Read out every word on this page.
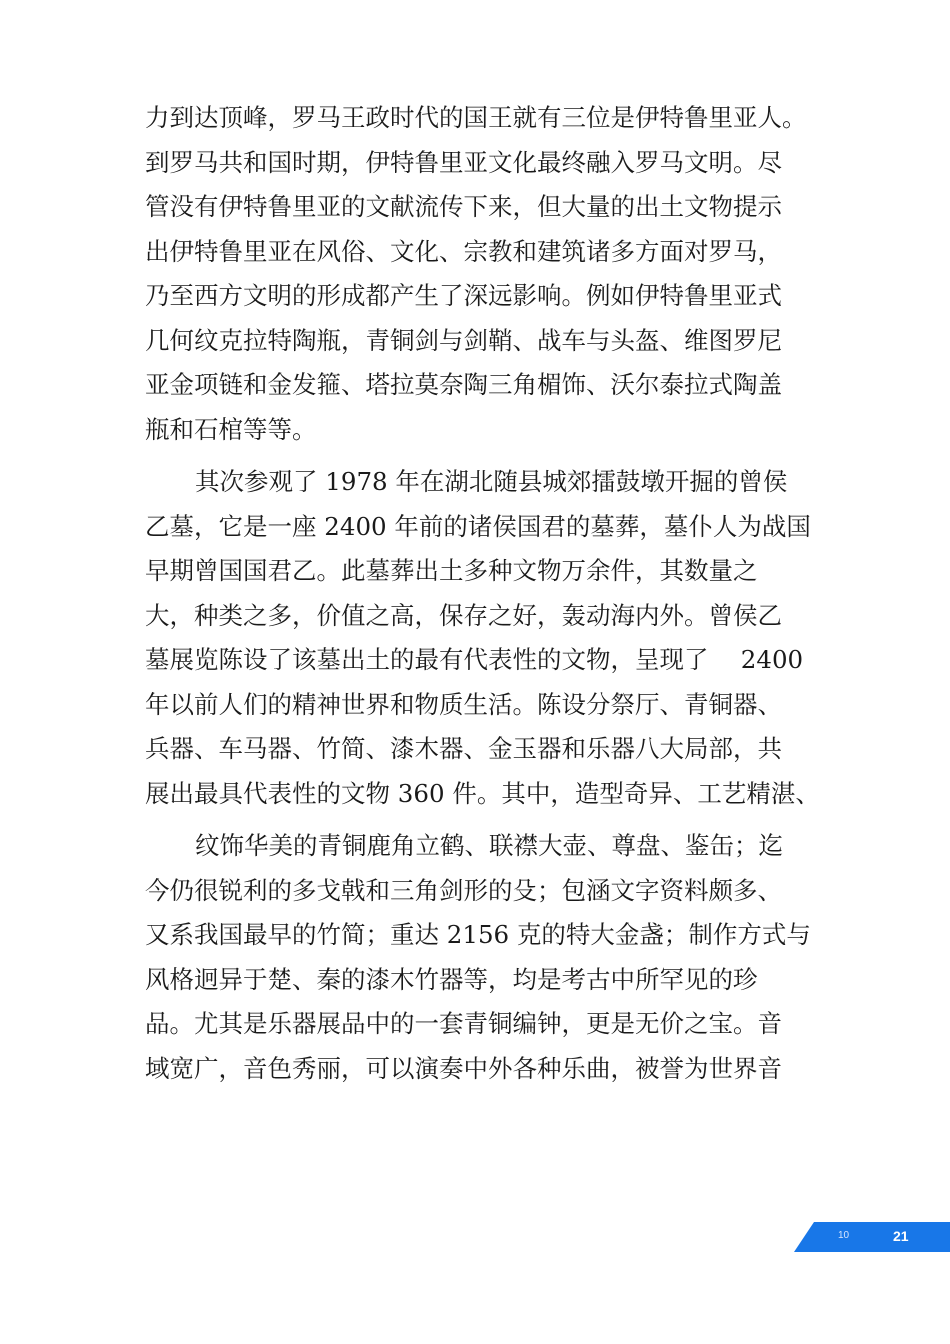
力到达顶峰，罗马王政时代的国王就有三位是伊特鲁里亚人。
到罗马共和国时期，伊特鲁里亚文化最终融入罗马文明。尽
管没有伊特鲁里亚的文献流传下来，但大量的出土文物提示
出伊特鲁里亚在风俗、文化、宗教和建筑诸多方面对罗马，
乃至西方文明的形成都产生了深远影响。例如伊特鲁里亚式
几何纹克拉特陶瓶，青铜剑与剑鞘、战车与头盔、维图罗尼
亚金项链和金发箍、塔拉莫奈陶三角楣饰、沃尔泰拉式陶盖
瓶和石棺等等。
其次参观了 1978 年在湖北随县城郊擂鼓墩开掘的曾侯
乙墓，它是一座 2400 年前的诸侯国君的墓葬，墓仆人为战国
早期曾国国君乙。此墓葬出土多种文物万余件，其数量之
大，种类之多，价值之高，保存之好，轰动海内外。曾侯乙
墓展览陈设了该墓出土的最有代表性的文物，呈现了　 2400
年以前人们的精神世界和物质生活。陈设分祭厅、青铜器、
兵器、车马器、竹简、漆木器、金玉器和乐器八大局部，共
展出最具代表性的文物 360 件。其中，造型奇异、工艺精湛、
纹饰华美的青铜鹿角立鹤、联襟大壶、尊盘、鉴缶；迄
今仍很锐利的多戈戟和三角剑形的殳；包涵文字资料颇多、
又系我国最早的竹简；重达 2156 克的特大金盏；制作方式与
风格迥异于楚、秦的漆木竹器等，均是考古中所罕见的珍
品。尤其是乐器展品中的一套青铜编钟，更是无价之宝。音
域宽广，音色秀丽，可以演奏中外各种乐曲，被誉为世界音
10	21
